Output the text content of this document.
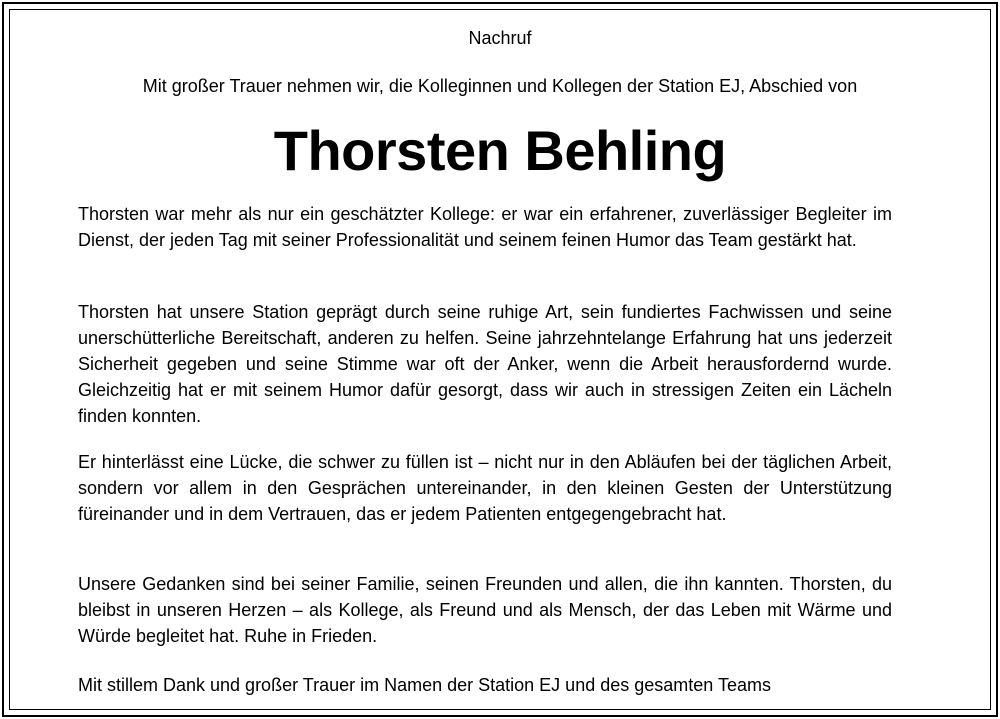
Nachruf
Mit großer Trauer nehmen wir, die Kolleginnen und Kollegen der Station EJ, Abschied von
Thorsten Behling
Thorsten war mehr als nur ein geschätzter Kollege: er war ein erfahrener, zuverlässiger Begleiter im Dienst, der jeden Tag mit seiner Professionalität und seinem feinen Humor das Team gestärkt hat.
Thorsten hat unsere Station geprägt durch seine ruhige Art, sein fundiertes Fachwissen und seine unerschütterliche Bereitschaft, anderen zu helfen. Seine jahrzehntelange Erfahrung hat uns jederzeit Sicherheit gegeben und seine Stimme war oft der Anker, wenn die Arbeit herausfordernd wurde. Gleichzeitig hat er mit seinem Humor dafür gesorgt, dass wir auch in stressigen Zeiten ein Lächeln finden konnten.
Er hinterlässt eine Lücke, die schwer zu füllen ist – nicht nur in den Abläufen bei der täglichen Arbeit, sondern vor allem in den Gesprächen untereinander, in den kleinen Gesten der Unterstützung füreinander und in dem Vertrauen, das er jedem Patienten entgegengebracht hat.
Unsere Gedanken sind bei seiner Familie, seinen Freunden und allen, die ihn kannten. Thorsten, du bleibst in unseren Herzen – als Kollege, als Freund und als Mensch, der das Leben mit Wärme und Würde begleitet hat. Ruhe in Frieden.
Mit stillem Dank und großer Trauer im Namen der Station EJ und des gesamten Teams
